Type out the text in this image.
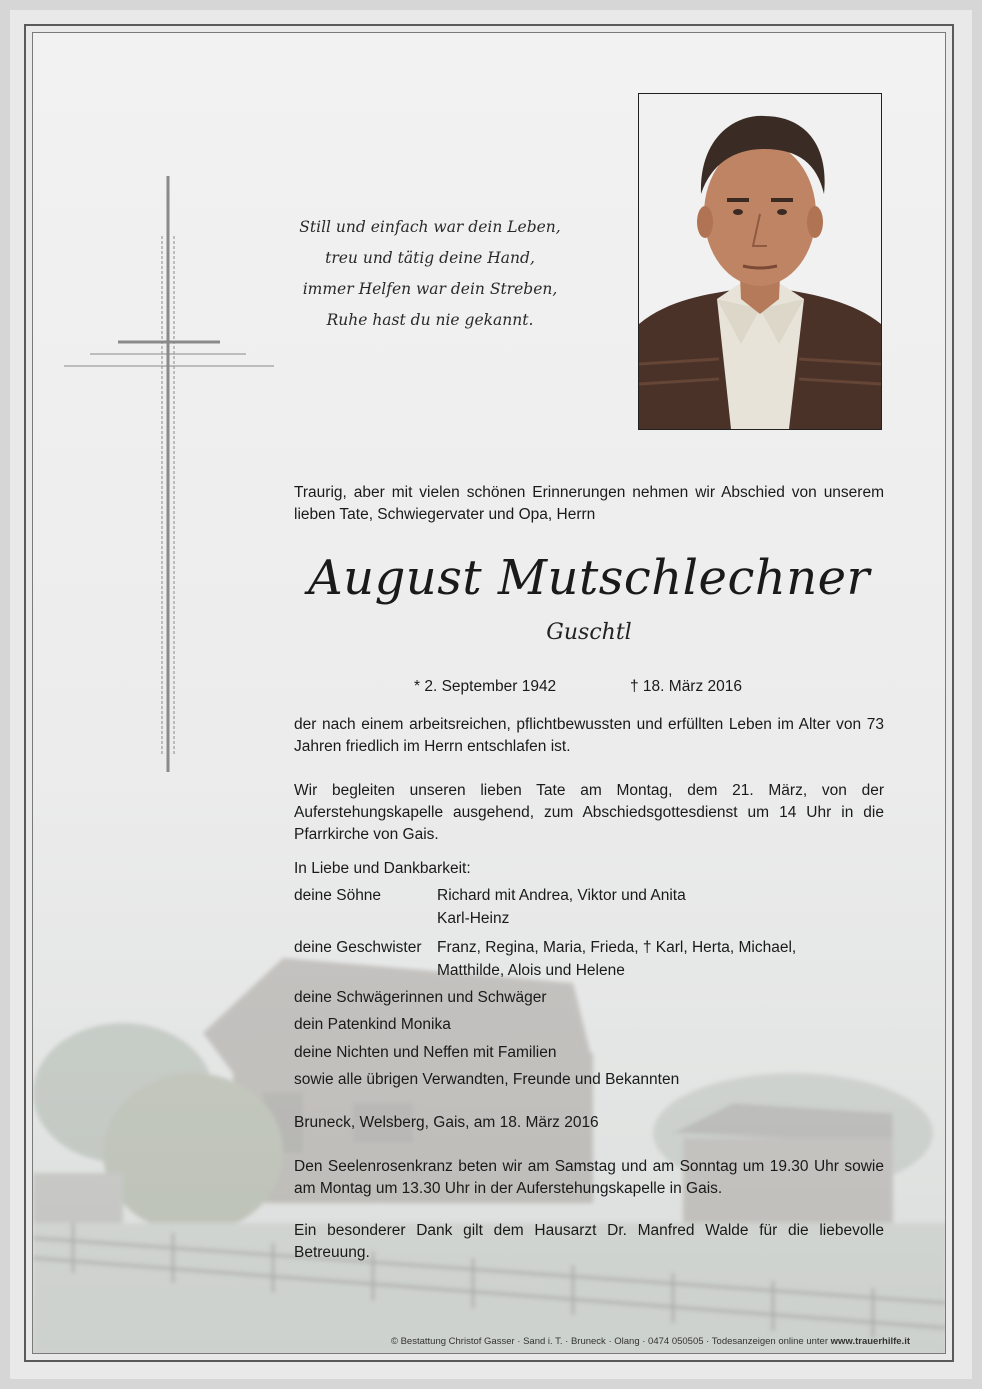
Still und einfach war dein Leben,
treu und tätig deine Hand,
immer Helfen war dein Streben,
Ruhe hast du nie gekannt.
Traurig, aber mit vielen schönen Erinnerungen nehmen wir Abschied von unserem lieben Tate, Schwiegervater und Opa, Herrn
August Mutschlechner
Guschtl
* 2. September 1942	† 18. März 2016
der nach einem arbeitsreichen, pflichtbewussten und erfüllten Leben im Alter von 73 Jahren friedlich im Herrn entschlafen ist.
Wir begleiten unseren lieben Tate am Montag, dem 21. März, von der Auferstehungskapelle ausgehend, zum Abschiedsgottesdienst um 14 Uhr in die Pfarrkirche von Gais.
In Liebe und Dankbarkeit:
deine Söhne	Richard mit Andrea, Viktor und Anita
Karl-Heinz
deine Geschwister Franz, Regina, Maria, Frieda, † Karl, Herta, Michael,
Matthilde, Alois und Helene
deine Schwägerinnen und Schwäger
dein Patenkind Monika
deine Nichten und Neffen mit Familien
sowie alle übrigen Verwandten, Freunde und Bekannten
Bruneck, Welsberg, Gais, am 18. März 2016
Den Seelenrosenkranz beten wir am Samstag und am Sonntag um 19.30 Uhr sowie am Montag um 13.30 Uhr in der Auferstehungskapelle in Gais.
Ein besonderer Dank gilt dem Hausarzt Dr. Manfred Walde für die liebevolle Betreuung.
© Bestattung Christof Gasser · Sand i. T. · Bruneck · Olang · 0474 050505 · Todesanzeigen online unter www.trauerhilfe.it
